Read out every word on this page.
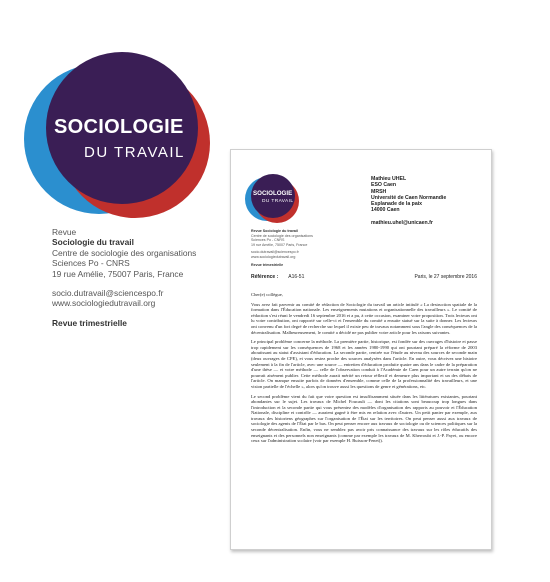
SOCIOLOGIE
DU TRAVAIL
Revue
Sociologie du travail
Centre de sociologie des organisations
Sciences Po - CNRS
19 rue Amélie, 75007 Paris, France
socio.dutravail@sciencespo.fr
www.sociologiedutravail.org
Revue trimestrielle
SOCIOLOGIE
DU TRAVAIL
Revue Sociologie du travail
Centre de sociologie des organisations
Sciences Po - CNRS
19 rue Amélie, 75007 Paris, France
socio.dutravail@sciencespo.fr
www.sociologiedutravail.org
Revue trimestrielle
Mathieu UHEL
ESO Caen
MRSH
Université de Caen Normandie
Esplanade de la paix
14000 Caen
mathieu.uhel@unicaen.fr
Référence : A16-51	Paris, le 27 septembre 2016

Cher(e) collègue,

Vous avez fait parvenir au comité de rédaction de Sociologie du travail un article intitulé « La destruction spatiale de la formation dans l'Éducation nationale. Les enseignements mutations et organisationnelle des travailleurs ». Le comité de rédaction s'est réuni le vendredi 16 septembre 2016 et a pu, à cette occasion, examiner votre proposition. Trois lecteurs ont lu votre contribution, ont rapporté sur celle-ci et l'ensemble du comité a ensuite statué sur la suite à donner. Les lecteurs ont convenu d'un fort degré de recherche sur lequel il existe peu de travaux notamment sous l'angle des conséquences de la décentralisation. Malheureusement, le comité a décidé ne pas publier votre article pour les raisons suivantes.

Le principal problème concerne la méthode. La première partie, historique, est fondée sur des ouvrages d'histoire et passe trop rapidement sur les conséquences de 1968 et les années 1980-1990 qui ont pourtant préparé la réforme de 2003 aboutissant au statut d'assistant d'éducation. La seconde partie, centrée sur l'étude au niveau des sources de seconde main (deux ouvrages de CPE), et vous restez proche des sources analysées dans l'article. En outre, vous décrivez une histoire seulement à la fin de l'article, avec une source — entretien d'éducation produite quatre ans dans le cadre de la préparation d'une thèse — et votre méthode — celle de l'observation conduit à l'Académie de Caen pour un autre terrain qu'on ne pourrait aisément publier. Cette méthode aurait mérité un retour réflexif et demeure plus important et un des débats de l'article. On manque ensuite parfois de données d'ensemble, comme celle de la professionnalité des travailleurs, et une vision partielle de l'échelle », alors qu'on trouve aussi les questions de genre et générations, etc.

Le second problème vient du fait que votre question est insuffisamment située dans les littératures existantes, pourtant abondantes sur le sujet. Les travaux de Michel Foucault — dont les citations sont beaucoup trop longues dans l'introduction et la seconde partie qui vous présentez des modèles d'organisation des rapports au pouvoir et l'Éducation Nationale, discipline et contrôle — auraient gagné à être mis en relation avec d'autres. Un petit panier par exemple, aux travaux des historiens géographes sur l'organisation de l'État sur les territoires. On peut penser aussi aux travaux de sociologie des agents de l'État par le bas. On peut penser encore aux travaux de sociologie ou de sciences politiques sur la seconde décentralisation. Enfin, vous ne semblez pas avoir pris connaissance des travaux sur les rôles éducatifs des enseignants et des personnels non enseignants (comme par exemple les travaux de M. Kherroubi et J.-P. Payet, ou encore ceux sur l'administration scolaire (voir par exemple H. Buisson-Fenet)).
